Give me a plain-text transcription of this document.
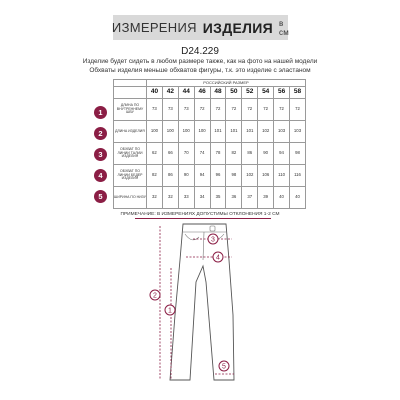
ИЗМЕРЕНИЯ ИЗДЕЛИЯ в см
D24.229
Изделие будет сидеть в любом размере также, как на фото на нашей модели
Обхваты изделия меньше обхватов фигуры, т.к. это изделие с эластаном
	РОССИЙСКИЙ РАЗМЕР									
	40	42	44	46	48	50	52	54	56	58
ДЛИНА ПО ВНУТРЕННЕМУ ШВУ	73	73	73	72	72	72	72	72	72	72
ДЛИНА ИЗДЕЛИЯ	100	100	100	100	101	101	101	102	103	103
ОБХВАТ ПО ЛИНИИ ТАЛИИ ИЗДЕЛИЯ	62	66	70	74	78	82	86	90	94	98
ОБХВАТ ПО ЛИНИИ БЕДЕР ИЗДЕЛИЯ	82	86	90	94	96	98	102	106	110	116
ШИРИНА ПО НИЗУ	32	32	33	34	35	36	37	39	40	40
1
2
3
4
5
ПРИМЕЧАНИЕ: В ИЗМЕРЕНИЯХ ДОПУСТИМЫ ОТКЛОНЕНИЯ 1-2 СМ
1
2
3
4
5
